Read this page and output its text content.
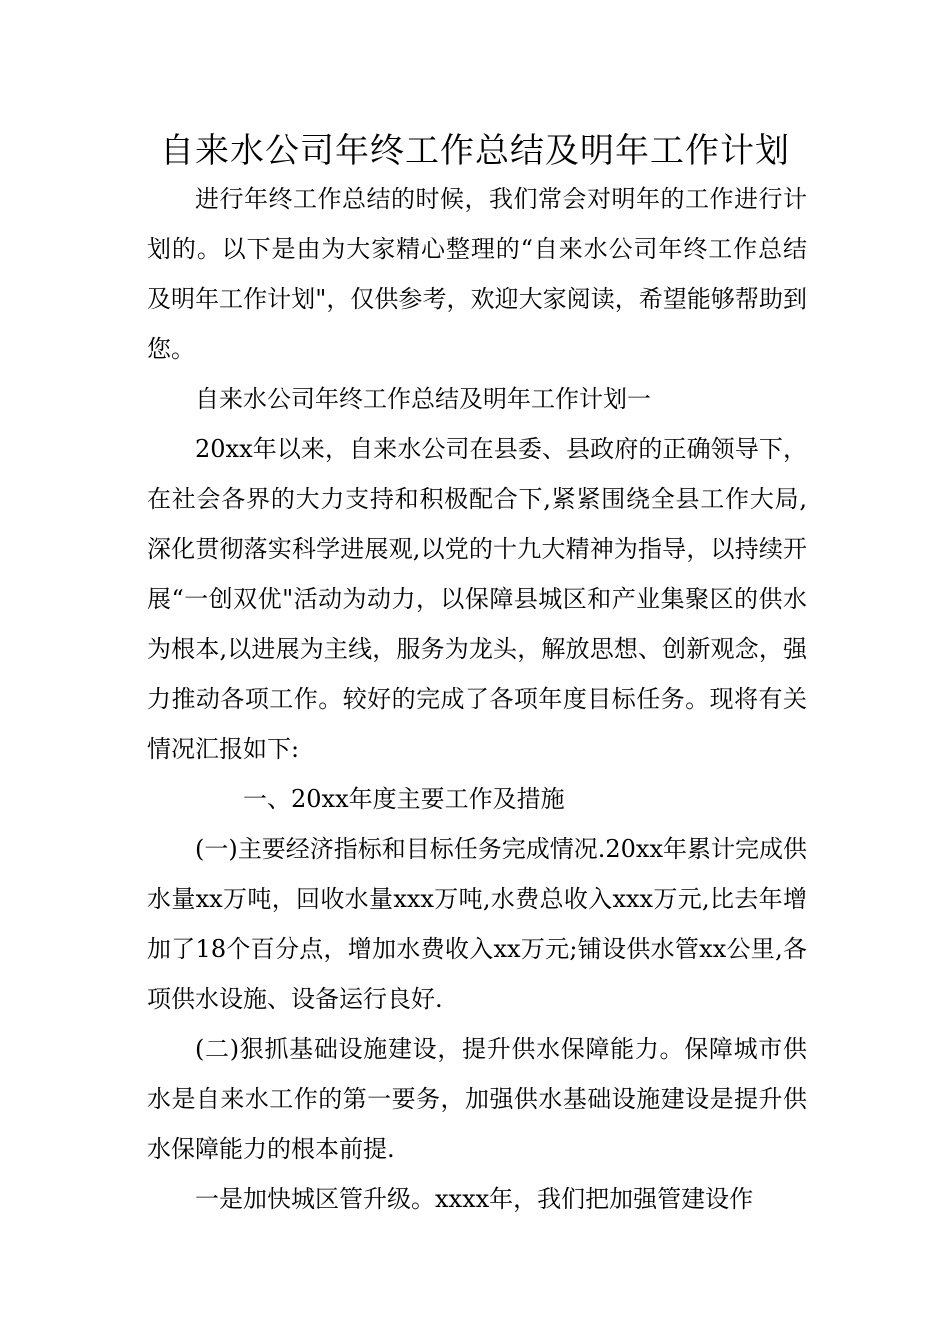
自来水公司年终工作总结及明年工作计划

进行年终工作总结的时候，我们常会对明年的工作进行计划的。以下是由为大家精心整理的“自来水公司年终工作总结及明年工作计划"，仅供参考，欢迎大家阅读，希望能够帮助到您。

自来水公司年终工作总结及明年工作计划一

20xx年以来，自来水公司在县委、县政府的正确领导下，在社会各界的大力支持和积极配合下,紧紧围绕全县工作大局,深化贯彻落实科学进展观,以党的十九大精神为指导，以持续开展“一创双优"活动为动力，以保障县城区和产业集聚区的供水为根本,以进展为主线，服务为龙头，解放思想、创新观念，强力推动各项工作。较好的完成了各项年度目标任务。现将有关情况汇报如下:

一、20xx年度主要工作及措施

(一)主要经济指标和目标任务完成情况.20xx年累计完成供水量xx万吨，回收水量xxx万吨,水费总收入xxx万元,比去年增加了18个百分点，增加水费收入xx万元;铺设供水管xx公里,各项供水设施、设备运行良好.

(二)狠抓基础设施建设，提升供水保障能力。保障城市供水是自来水工作的第一要务，加强供水基础设施建设是提升供水保障能力的根本前提.

一是加快城区管升级。xxxx年，我们把加强管建设作
